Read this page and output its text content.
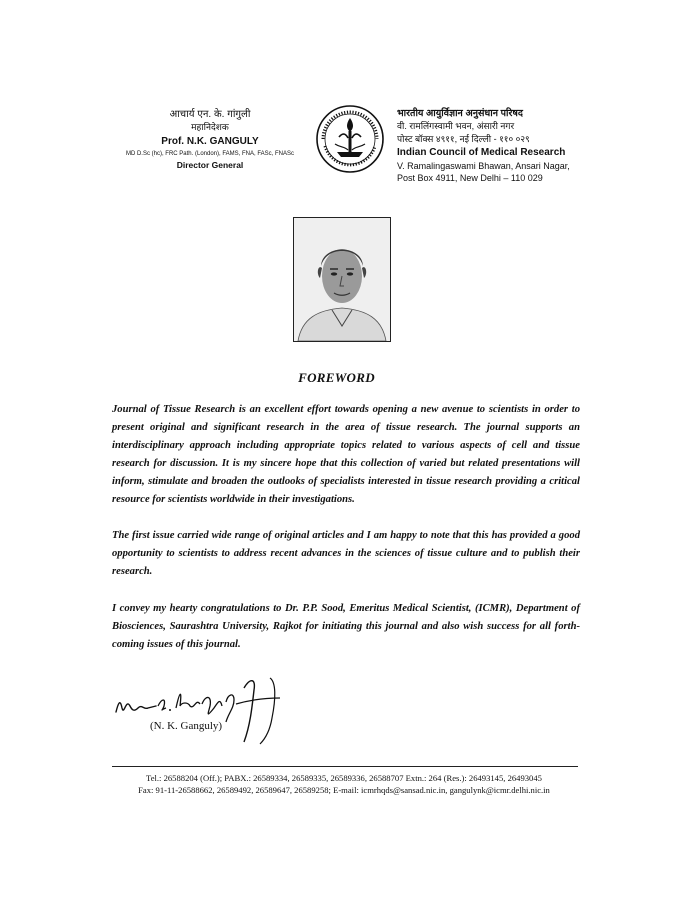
आचार्य एन. के. गांगुली
महानिदेशक
Prof. N.K. GANGULY
MD D.Sc (hc), FRC Path. (London), FAMS, FNA, FASc, FNASc
Director General
भारतीय आयुर्विज्ञान अनुसंधान परिषद
वी. रामलिंगस्वामी भवन, अंसारी नगर
पोस्ट बॉक्स ४९११, नई दिल्ली - ११० ०२९
Indian Council of Medical Research
V. Ramalingaswami Bhawan, Ansari Nagar,
Post Box 4911, New Delhi – 110 029
FOREWORD

Journal of Tissue Research is an excellent effort towards opening a new avenue to scientists in order to present original and significant research in the area of tissue research. The journal supports an interdisciplinary approach including appropriate topics related to various aspects of cell and tissue research for discussion. It is my sincere hope that this collection of varied but related presentations will inform, stimulate and broaden the outlooks of specialists interested in tissue research providing a critical resource for scientists worldwide in their investigations.

The first issue carried wide range of original articles and I am happy to note that this has provided a good opportunity to scientists to address recent advances in the sciences of tissue culture and to publish their research.

I convey my hearty congratulations to Dr. P.P. Sood, Emeritus Medical Scientist, (ICMR), Department of Biosciences, Saurashtra University, Rajkot for initiating this journal and also wish success for all forth-coming issues of this journal.

(N. K. Ganguly)
Tel.: 26588204 (Off.); PABX.: 26589334, 26589335, 26589336, 26588707 Extn.: 264 (Res.): 26493145, 26493045
Fax: 91-11-26588662, 26589492, 26589647, 26589258; E-mail: icmrhqds@sansad.nic.in, gangulynk@icmr.delhi.nic.in
